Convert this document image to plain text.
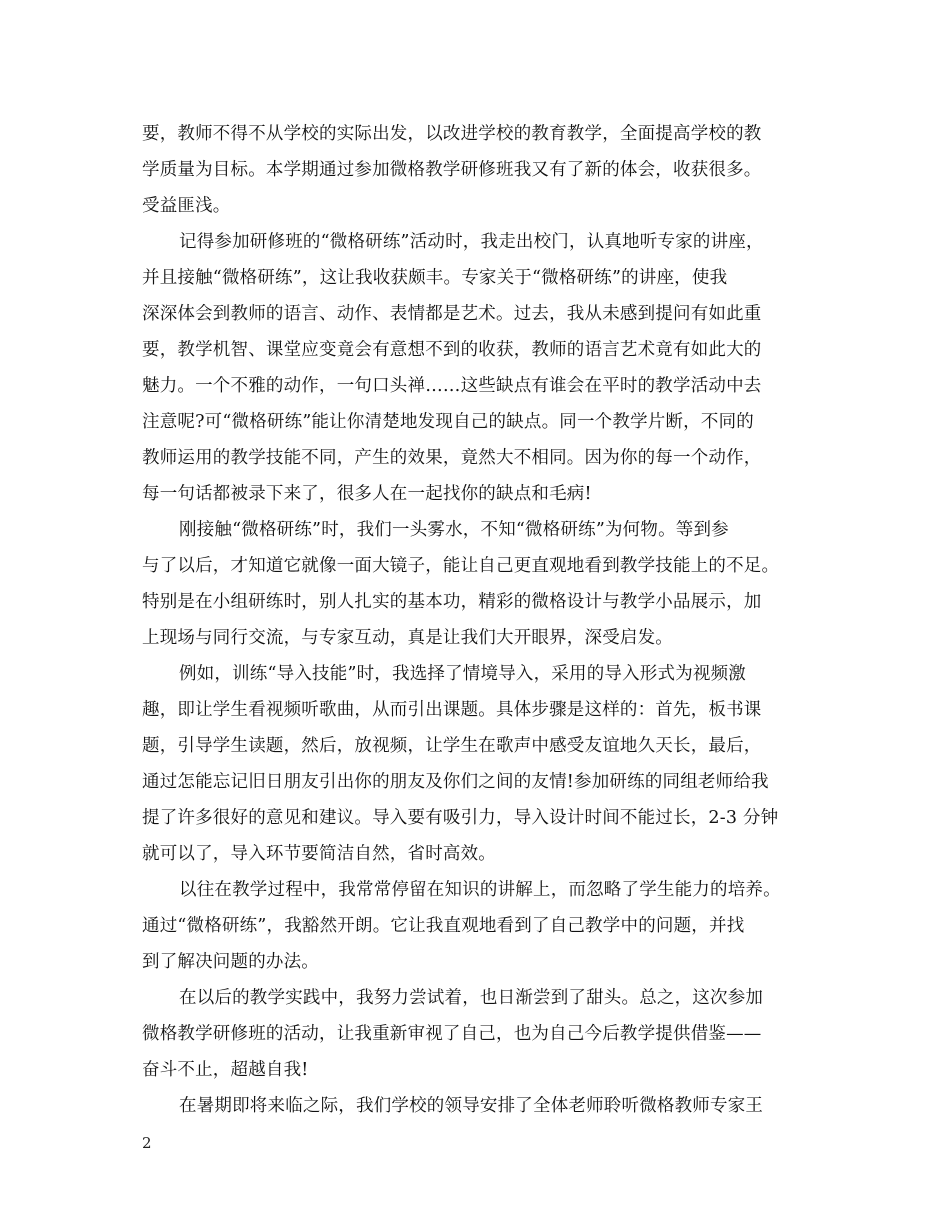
要，教师不得不从学校的实际出发，以改进学校的教育教学，全面提高学校的教
学质量为目标。本学期通过参加微格教学研修班我又有了新的体会，收获很多。
受益匪浅。
记得参加研修班的“微格研练”活动时，我走出校门，认真地听专家的讲座，
并且接触“微格研练”，这让我收获颇丰。专家关于“微格研练”的讲座，使我
深深体会到教师的语言、动作、表情都是艺术。过去，我从未感到提问有如此重
要，教学机智、课堂应变竟会有意想不到的收获，教师的语言艺术竟有如此大的
魅力。一个不雅的动作，一句口头禅……这些缺点有谁会在平时的教学活动中去
注意呢?可“微格研练”能让你清楚地发现自己的缺点。同一个教学片断，不同的
教师运用的教学技能不同，产生的效果，竟然大不相同。因为你的每一个动作，
每一句话都被录下来了，很多人在一起找你的缺点和毛病!
刚接触“微格研练”时，我们一头雾水，不知“微格研练”为何物。等到参
与了以后，才知道它就像一面大镜子，能让自己更直观地看到教学技能上的不足。
特别是在小组研练时，别人扎实的基本功，精彩的微格设计与教学小品展示，加
上现场与同行交流，与专家互动，真是让我们大开眼界，深受启发。
例如，训练“导入技能”时，我选择了情境导入，采用的导入形式为视频激
趣，即让学生看视频听歌曲，从而引出课题。具体步骤是这样的：首先，板书课
题，引导学生读题，然后，放视频，让学生在歌声中感受友谊地久天长，最后，
通过怎能忘记旧日朋友引出你的朋友及你们之间的友情!参加研练的同组老师给我
提了许多很好的意见和建议。导入要有吸引力，导入设计时间不能过长，2-3 分钟
就可以了，导入环节要简洁自然，省时高效。
以往在教学过程中，我常常停留在知识的讲解上，而忽略了学生能力的培养。
通过“微格研练”，我豁然开朗。它让我直观地看到了自己教学中的问题，并找
到了解决问题的办法。
在以后的教学实践中，我努力尝试着，也日渐尝到了甜头。总之，这次参加
微格教学研修班的活动，让我重新审视了自己，也为自己今后教学提供借鉴——
奋斗不止，超越自我!
在暑期即将来临之际，我们学校的领导安排了全体老师聆听微格教师专家王
2
